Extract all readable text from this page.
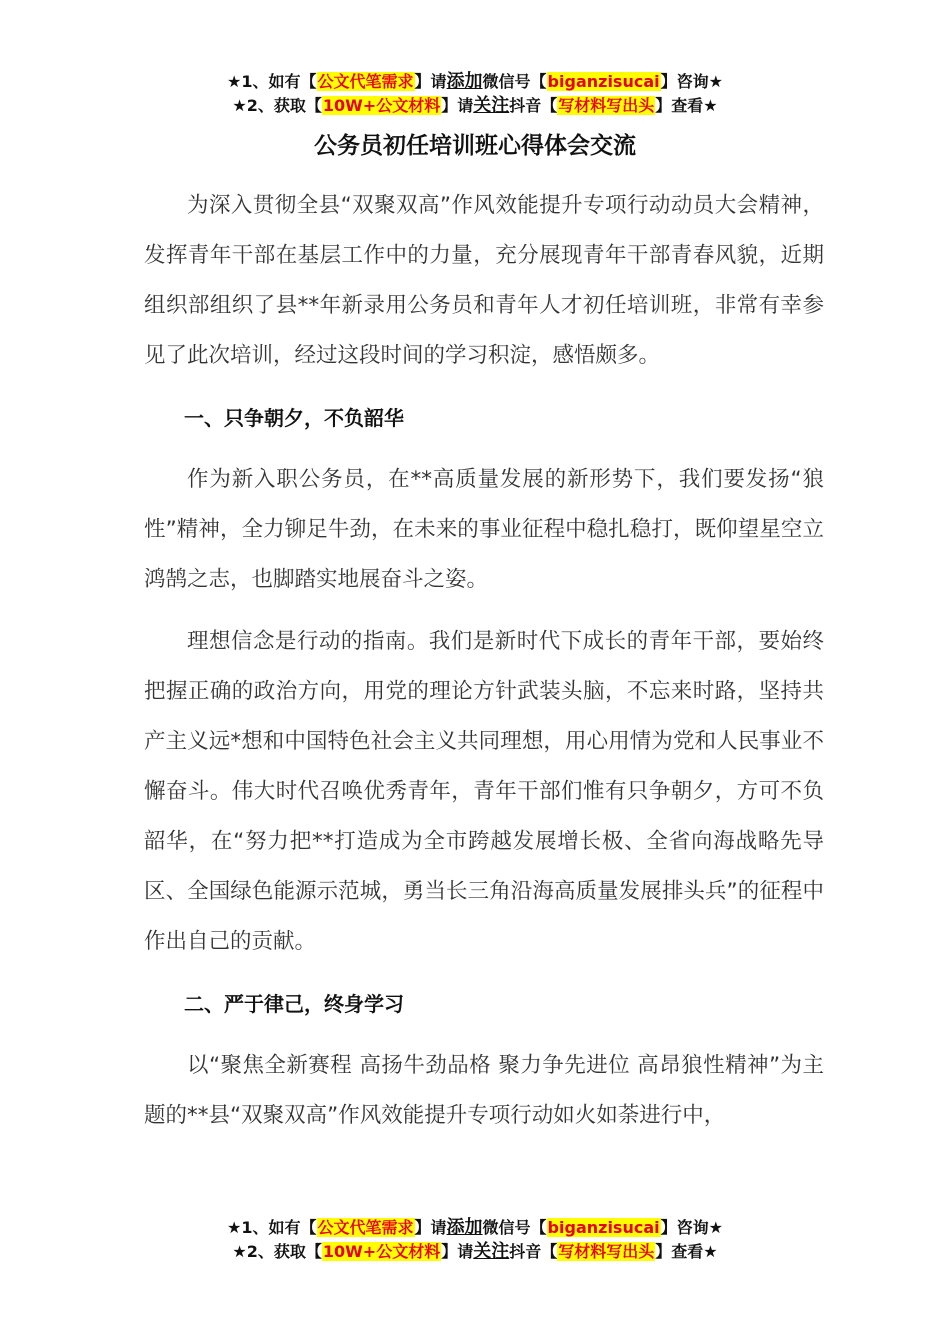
★1、如有【公文代笔需求】请添加微信号【biganzisucai】咨询★
★2、获取【10W+公文材料】请关注抖音【写材料写出头】查看★
公务员初任培训班心得体会交流

为深入贯彻全县“双聚双高”作风效能提升专项行动动员大会精神，发挥青年干部在基层工作中的力量，充分展现青年干部青春风貌，近期组织部组织了县**年新录用公务员和青年人才初任培训班，非常有幸参见了此次培训，经过这段时间的学习积淀，感悟颇多。

一、只争朝夕，不负韶华

作为新入职公务员，在**高质量发展的新形势下，我们要发扬“狼性”精神，全力铆足牛劲，在未来的事业征程中稳扎稳打，既仰望星空立鸿鹄之志，也脚踏实地展奋斗之姿。

理想信念是行动的指南。我们是新时代下成长的青年干部，要始终把握正确的政治方向，用党的理论方针武装头脑，不忘来时路，坚持共产主义远*想和中国特色社会主义共同理想，用心用情为党和人民事业不懈奋斗。伟大时代召唤优秀青年，青年干部们惟有只争朝夕，方可不负韶华，在“努力把**打造成为全市跨越发展增长极、全省向海战略先导区、全国绿色能源示范城，勇当长三角沿海高质量发展排头兵”的征程中作出自己的贡献。

二、严于律己，终身学习

以“聚焦全新赛程 高扬牛劲品格 聚力争先进位 高昂狼性精神”为主题的**县“双聚双高”作风效能提升专项行动如火如荼进行中，

★1、如有【公文代笔需求】请添加微信号【biganzisucai】咨询★
★2、获取【10W+公文材料】请关注抖音【写材料写出头】查看★
